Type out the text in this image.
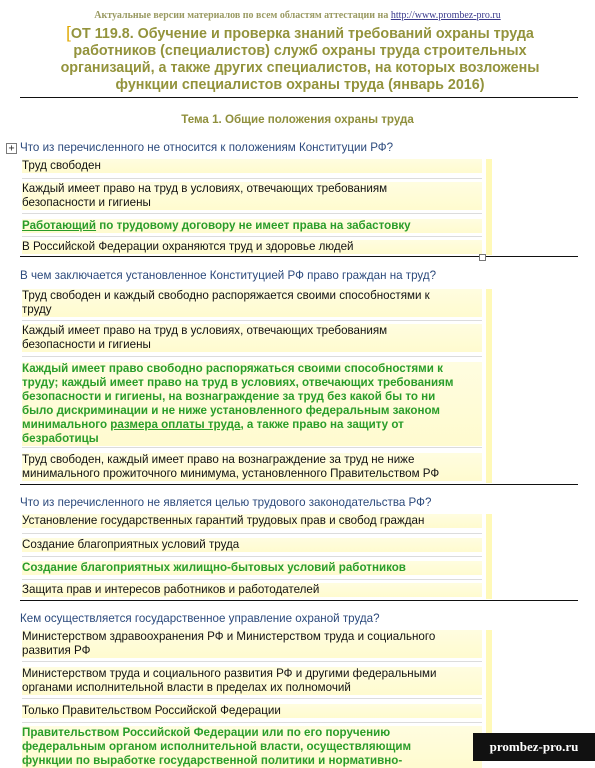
Актуальные версии материалов по всем областям аттестации на http://www.prombez-pro.ru
[ОТ 119.8. Обучение и проверка знаний требований охраны труда
работников (специалистов) служб охраны труда строительных
организаций, а также других специалистов, на которых возложены
функции специалистов охраны труда (январь 2016)
Тема 1. Общие положения охраны труда
+ Что из перечисленного не относится к положениям Конституции РФ?
Труд свободен
Каждый имеет право на труд в условиях, отвечающих требованиям
безопасности и гигиены
Работающий по трудовому договору не имеет права на забастовку
В Российской Федерации охраняются труд и здоровье людей
В чем заключается установленное Конституцией РФ право граждан на труд?
Труд свободен и каждый свободно распоряжается своими способностями к
труду
Каждый имеет право на труд в условиях, отвечающих требованиям
безопасности и гигиены
Каждый имеет право свободно распоряжаться своими способностями к
труду; каждый имеет право на труд в условиях, отвечающих требованиям
безопасности и гигиены, на вознаграждение за труд без какой бы то ни
было дискриминации и не ниже установленного федеральным законом
минимального размера оплаты труда, а также право на защиту от
безработицы
Труд свободен, каждый имеет право на вознаграждение за труд не ниже
минимального прожиточного минимума, установленного Правительством РФ
Что из перечисленного не является целью трудового законодательства РФ?
Установление государственных гарантий трудовых прав и свобод граждан
Создание благоприятных условий труда
Создание благоприятных жилищно-бытовых условий работников
Защита прав и интересов работников и работодателей
Кем осуществляется государственное управление охраной труда?
Министерством здравоохранения РФ и Министерством труда и социального
развития РФ
Министерством труда и социального развития РФ и другими федеральными
органами исполнительной власти в пределах их полномочий
Только Правительством Российской Федерации
Правительством Российской Федерации или по его поручению
федеральным органом исполнительной власти, осуществляющим
функции по выработке государственной политики и нормативно-
prombez-pro.ru
